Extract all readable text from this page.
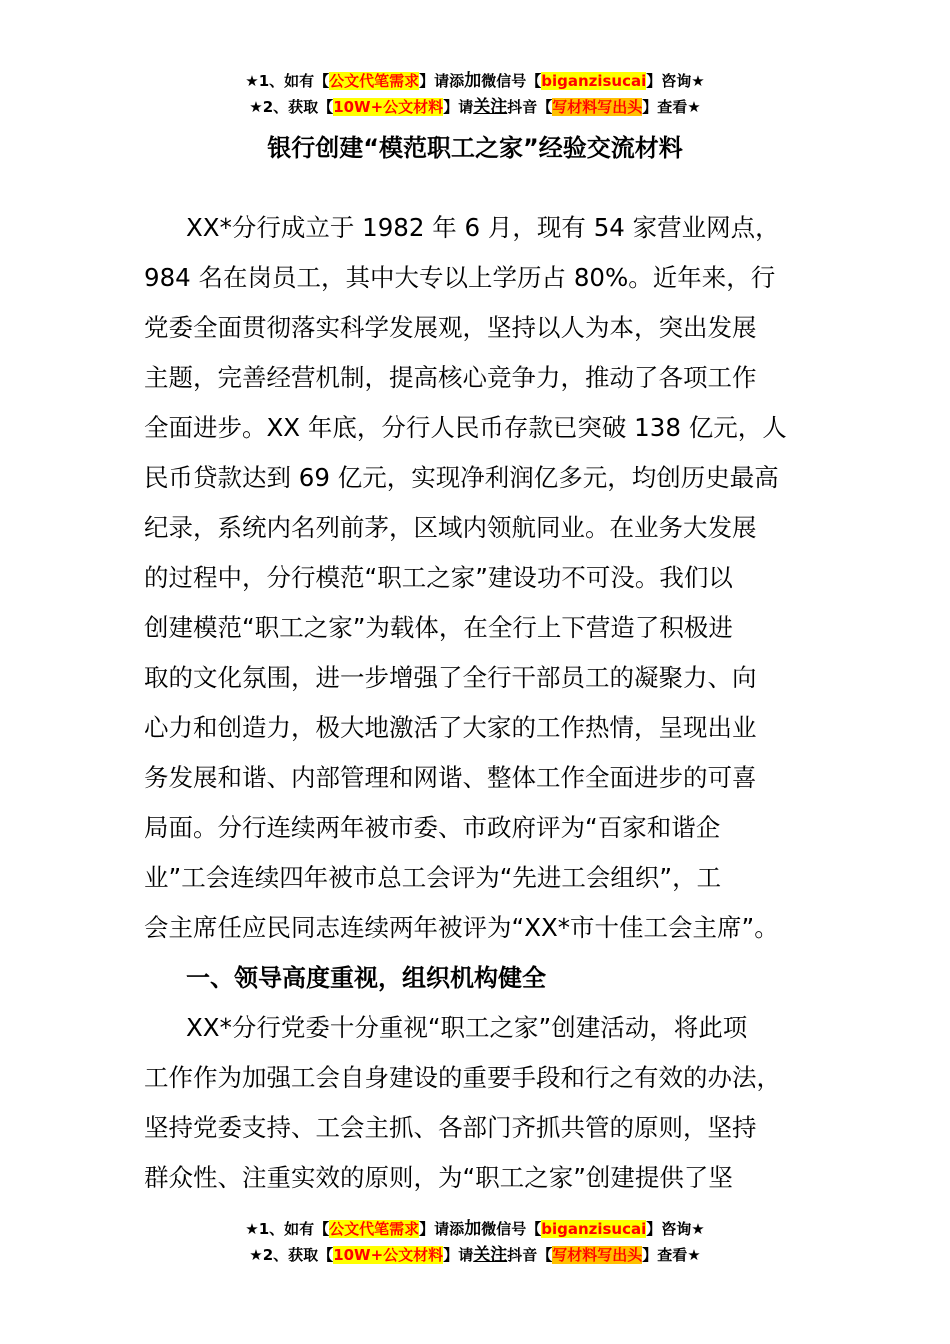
★1、如有【公文代笔需求】请添加微信号【biganzisucai】咨询★
★2、获取【10W+公文材料】请关注抖音【写材料写出头】查看★
银行创建“模范职工之家”经验交流材料
XX*分行成立于 1982 年 6 月，现有 54 家营业网点，
984 名在岗员工，其中大专以上学历占 80%。近年来，行
党委全面贯彻落实科学发展观，坚持以人为本，突出发展
主题，完善经营机制，提高核心竞争力，推动了各项工作
全面进步。XX 年底，分行人民币存款已突破 138 亿元，人
民币贷款达到 69 亿元，实现净利润亿多元，均创历史最高
纪录，系统内名列前茅，区域内领航同业。在业务大发展
的过程中，分行模范“职工之家”建设功不可没。我们以
创建模范“职工之家”为载体，在全行上下营造了积极进
取的文化氛围，进一步增强了全行干部员工的凝聚力、向
心力和创造力，极大地激活了大家的工作热情，呈现出业
务发展和谐、内部管理和网谐、整体工作全面进步的可喜
局面。分行连续两年被市委、市政府评为“百家和谐企
业”工会连续四年被市总工会评为“先进工会组织”，工
会主席任应民同志连续两年被评为“XX*市十佳工会主席”。
一、领导高度重视，组织机构健全
XX*分行党委十分重视“职工之家”创建活动，将此项
工作作为加强工会自身建设的重要手段和行之有效的办法，
坚持党委支持、工会主抓、各部门齐抓共管的原则，坚持
群众性、注重实效的原则，为“职工之家”创建提供了坚
★1、如有【公文代笔需求】请添加微信号【biganzisucai】咨询★
★2、获取【10W+公文材料】请关注抖音【写材料写出头】查看★
